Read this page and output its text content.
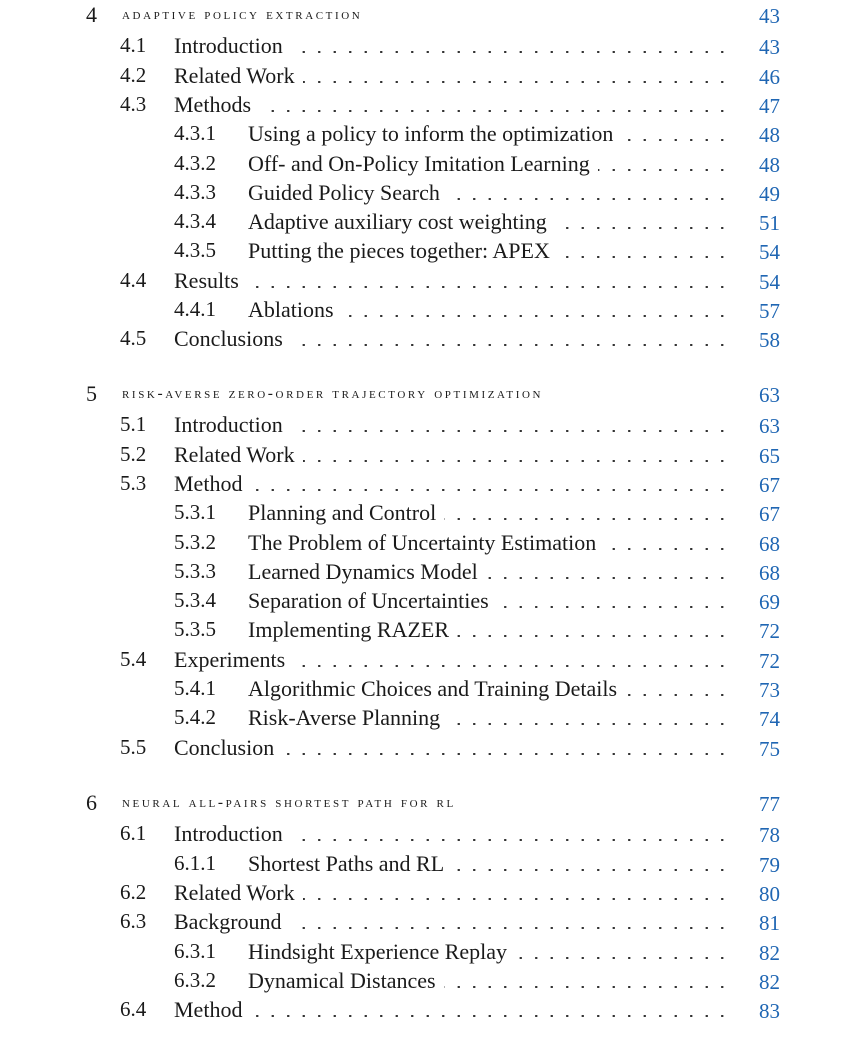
4 adaptive policy extraction	43
4.1 Introduction	43
4.2 Related Work	46
4.3 Methods	47
4.3.1 Using a policy to inform the optimization	48
4.3.2 Off- and On-Policy Imitation Learning	48
4.3.3 Guided Policy Search	49
4.3.4 Adaptive auxiliary cost weighting	51
4.3.5 Putting the pieces together: APEX	54
4.4 Results	54
4.4.1 Ablations	57
4.5 Conclusions	58
5 risk-averse zero-order trajectory optimization	63
5.1 Introduction	63
5.2 Related Work	65
5.3 Method	67
5.3.1 Planning and Control	67
5.3.2 The Problem of Uncertainty Estimation	68
5.3.3 Learned Dynamics Model	68
5.3.4 Separation of Uncertainties	69
5.3.5 Implementing RAZER	72
5.4 Experiments	72
5.4.1 Algorithmic Choices and Training Details	73
5.4.2 Risk-Averse Planning	74
5.5 Conclusion	75
6 neural all-pairs shortest path for rl	77
6.1 Introduction	78
6.1.1 Shortest Paths and RL	79
6.2 Related Work	80
6.3 Background	81
6.3.1 Hindsight Experience Replay	82
6.3.2 Dynamical Distances	82
6.4 Method	83
